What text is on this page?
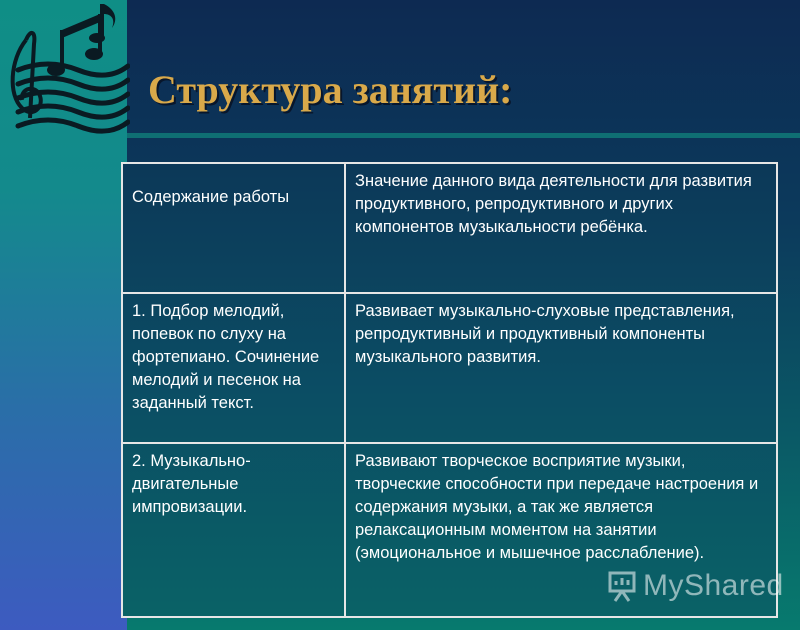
Структура занятий:
Содержание работы	Значение данного вида деятельности для развития продуктивного, репродуктивного и других компонентов музыкальности ребёнка.
1. Подбор мелодий, попевок по слуху на фортепиано. Сочинение мелодий и песенок на заданный текст.	Развивает музыкально-слуховые представления, репродуктивный и продуктивный компоненты музыкального развития.
2. Музыкально-двигательные импровизации.	Развивают творческое восприятие музыки, творческие способности при передаче настроения и содержания музыки, а так же является релаксационным моментом на занятии (эмоциональное и мышечное расслабление).
MyShared
